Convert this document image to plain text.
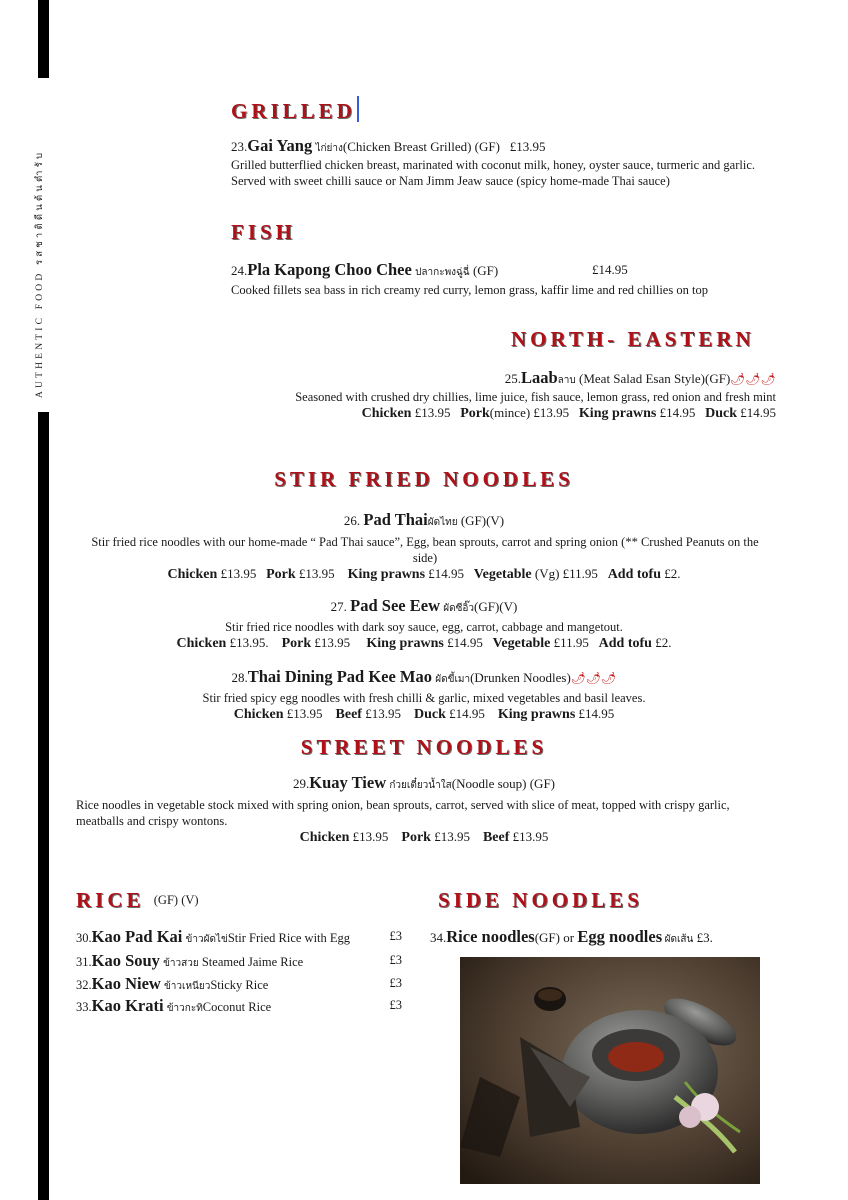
AUTHENTIC FOOD รสชาติดีนต้นตำรับ
GRILLED
23.Gai Yang ไก่ย่าง(Chicken Breast Grilled) (GF) £13.95
Grilled butterflied chicken breast, marinated with coconut milk, honey, oyster sauce, turmeric and garlic. Served with sweet chilli sauce or Nam Jimm Jeaw sauce (spicy home-made Thai sauce)
FISH
24.Pla Kapong Choo Chee ปลากะพงฉู่ฉี่ (GF)	£14.95
Cooked fillets sea bass in rich creamy red curry, lemon grass, kaffir lime and red chillies on top
NORTH- EASTERN
25.Laabลาบ (Meat Salad Esan Style)(GF)🌶🌶🌶
Seasoned with crushed dry chillies, lime juice, fish sauce, lemon grass, red onion and fresh mint
Chicken £13.95 Pork(mince) £13.95 King prawns £14.95 Duck £14.95
STIR FRIED NOODLES
26. Pad Thaiผัดไทย (GF)(V)
Stir fried rice noodles with our home-made “ Pad Thai sauce”, Egg, bean sprouts, carrot and spring onion (** Crushed Peanuts on the side)
Chicken £13.95 Pork £13.95 King prawns £14.95 Vegetable (Vg) £11.95 Add tofu £2.
27. Pad See Eew ผัดซีอิ๊ว(GF)(V)
Stir fried rice noodles with dark soy sauce, egg, carrot, cabbage and mangetout.
Chicken £13.95. Pork £13.95 King prawns £14.95 Vegetable £11.95 Add tofu £2.
28.Thai Dining Pad Kee Mao ผัดขี้เมา(Drunken Noodles)🌶🌶🌶
Stir fried spicy egg noodles with fresh chilli & garlic, mixed vegetables and basil leaves.
Chicken £13.95 Beef £13.95 Duck £14.95 King prawns £14.95
STREET NOODLES
29.Kuay Tiew ก๋วยเตี๋ยวน้ำใส(Noodle soup) (GF)
Rice noodles in vegetable stock mixed with spring onion, bean sprouts, carrot, served with slice of meat, topped with crispy garlic, meatballs and crispy wontons.
Chicken £13.95 Pork £13.95 Beef £13.95
RICE (GF) (V)
30.Kao Pad Kai ข้าวผัดไข่Stir Fried Rice with Egg	£3
31.Kao Souy ข้าวสวย Steamed Jaime Rice	£3
32.Kao Niew ข้าวเหนียวSticky Rice	£3
33.Kao Krati ข้าวกะทิCoconut Rice	£3
SIDE NOODLES
34.Rice noodles(GF) or Egg noodles ผัดเส้น £3.
